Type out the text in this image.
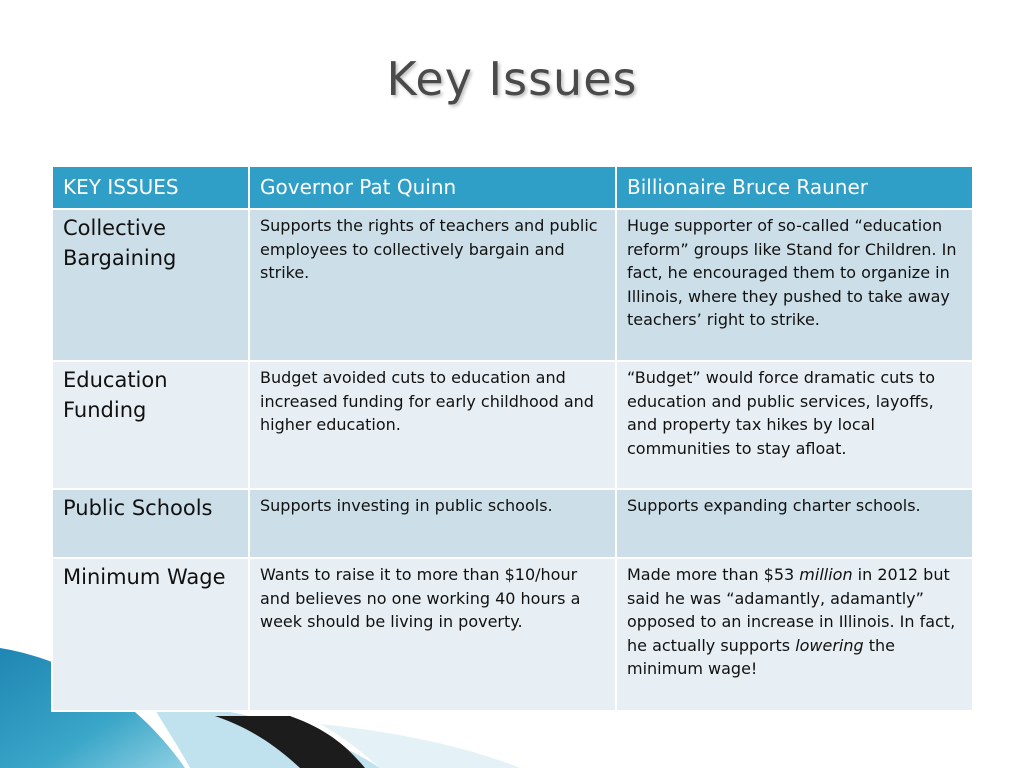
Key Issues
KEY ISSUES	Governor Pat Quinn	Billionaire Bruce Rauner
Collective Bargaining	Supports the rights of teachers and public employees to collectively bargain and strike.	Huge supporter of so-called “education reform” groups like Stand for Children. In fact, he encouraged them to organize in Illinois, where they pushed to take away teachers’ right to strike.
Education Funding	Budget avoided cuts to education and increased funding for early childhood and higher education.	“Budget” would force dramatic cuts to education and public services, layoffs, and property tax hikes by local communities to stay afloat.
Public Schools	Supports investing in public schools.	Supports expanding charter schools.
Minimum Wage	Wants to raise it to more than $10/hour and believes no one working 40 hours a week should be living in poverty.	Made more than $53 million in 2012 but said he was “adamantly, adamantly” opposed to an increase in Illinois. In fact, he actually supports lowering the minimum wage!
